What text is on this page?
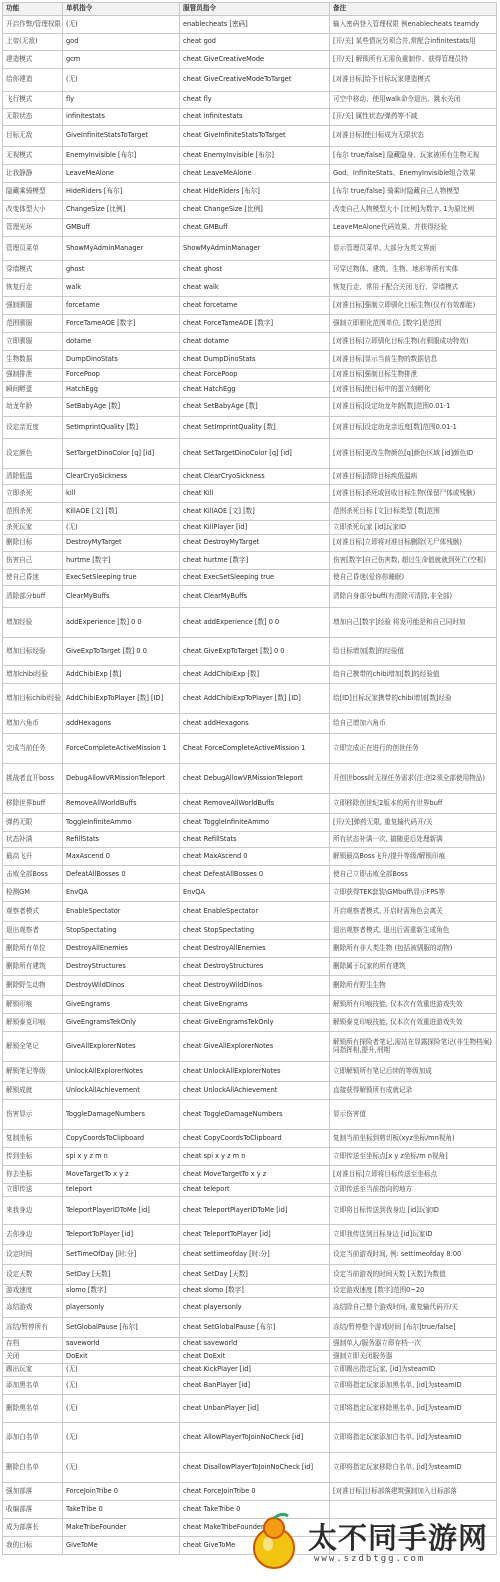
功能	单机指令	服管员指令	备注
开启作弊/管理权限	(无)	enablecheats [密码]	输入密码登入管理权限 例enablecheats teamdy
上帝(无敌)	god	cheat god	[开/关] 某些情况另须合并,常配合infinitestats用
建造模式	gcm	cheat GiveCreativeMode	[开/关] 解锁所有无需负重制作、获得管理员特
给你建造	(无)	cheat GiveCreativeModeToTarget	[对准目标]给予目标玩家建造模式
飞行模式	fly	cheat fly	可空中移动、使用walk命令退出、跳水关闭
无限状态	infinitestats	cheat infinitestats	[开/关] 属性状态/弹药等不减
目标无敌	GiveInfiniteStatsToTarget	cheat GiveInfiniteStatsToTarget	[对准目标]使目标成为无限状态
无视模式	EnemyInvisible [布尔]	cheat EnemyInvisible [布尔]	[布尔 true/false] 隐藏隐身、玩家被所有生物无视
让我静静	LeaveMeAlone	cheat LeaveMeAlone	God、InfiniteStats、EnemyInvisible组合效果
隐藏乘骑模型	HideRiders [布尔]	cheat HideRiders [布尔]	[布尔 true/false] 骑乘时隐藏自己人物模型
改变体型大小	ChangeSize [比例]	cheat ChangeSize [比例]	改变自己人物模型大小 [比例]为数字, 1为原比例
管理光环	GMBuff	cheat GMBuff	LeaveMeAlone代码效果、并获得经验
管理员菜单	ShowMyAdminManager	ShowMyAdminManager	显示管理员菜单, 大部分为英文界面
穿墙模式	ghost	cheat ghost	可穿过物体、建筑、生物、地形等所有实体
恢复行走	walk	cheat walk	恢复行走、常用于配合关闭飞行、穿墙模式
强制驯服	forcetame	cheat forcetame	[对准目标]强制立即驯化目标生物(仅有有效都能)
范围驯服	ForceTameAOE [数字]	cheat ForceTameAOE [数字]	强制立即驯化范围单位, [数字]是范围
立即驯服	dotame	cheat dotame	[对准目标]立即驯化目标生物(有驯服成功特效)
生物数据	DumpDinoStats	cheat DumpDinoStats	[对准目标]显示当前生物的数据信息
强制排泄	ForcePoop	cheat ForcePoop	[对准目标]强制目标生物排泄
瞬间孵蛋	HatchEgg	cheat HatchEgg	[对准目标]使目标中的蛋立刻孵化
幼龙年龄	SetBabyAge [数]	cheat SetBabyAge [数]	[对准目标]设定幼龙年龄[数]范围0.01-1
设定亲近度	SetImprintQuality [数]	cheat SetImprintQuality [数]	[对准目标]设定幼龙亲近度[数]范围0.01-1
设定颜色	SetTargetDinoColor [q] [id]	cheat SetTargetDinoColor [q] [id]	[对准目标]更改生物颜色[q]颜色区域 [id]颜色ID
清除低温	ClearCryoSickness	cheat ClearCryoSickness	[对准目标]清除目标疾低温病
立即杀死	kill	cheat Kill	[对准目标]杀死或回收目标生物(保留尸体或残骸)
范围杀死	KillAOE [文] [数]	cheat KillAOE [文] [数]	范围杀死目标 [文]目标类型 [数]范围
杀死玩家	(无)	cheat KillPlayer [id]	立即杀死玩家 [id]玩家ID
删除目标	DestroyMyTarget	cheat DestroyMyTarget	[对准目标]立即将对准目标删除(无尸体残骸)
伤害自己	hurtme [数字]	cheat hurtme [数字]	伤害[数字]自己伤害数, 超过生命值就就到死亡(空根)
使自己昏迷	ExecSetSleeping true	cheat ExecSetSleeping true	使自己昏迷(爱你你睡眠)
清除部分buff	ClearMyBuffs	cheat ClearMyBuffs	清除自身部分buff(有清除可清除,非全部)
增加经验	addExperience [数] 0 0	cheat addExperience [数] 0 0	增加自己[数字]经验 将发可能是和自己同时加
增加目标经验	GiveExpToTarget [数] 0 0	cheat GiveExpToTarget [数] 0 0	给目标增加[数]的经验值
增加chibi经验	AddChibiExp [数]	cheat AddChibiExp [数]	给自己携带的chibi增加[数]的经验值
增加目标chibi经验	AddChibiExpToPlayer [数] [ID]	cheat AddChibiExpToPlayer [数] [ID]	给[ID]目标玩家携带的chibi增加[数]经验
增加六角币	addHexagons	cheat addHexagons	给自己增加六角币
完成当前任务	ForceCompleteActiveMission 1	Cheat ForceCompleteActiveMission 1	立即完成正在进行的创世任务
挑战者直开boss	DebugAllowVRMissionTeleport	cheat DebugAllowVRMissionTeleport	开创世boss时无视任务需求(注:创2须全部使用物品)
移除世界buff	RemoveAllWorldBuffs	cheat RemoveAllWorldBuffs	立即移除创世纪2版本的所有世界buff
弹药无限	ToggleInfiniteAmmo	cheat ToggleInfiniteAmmo	[开/关]弹药无限, 重复输代码开/关
状态补满	RefillStats	cheat RefillStats	所有状态补满一次, 搞随更后处理新满
最高飞升	MaxAscend 0	cheat MaxAscend 0	解锁最高Boss飞升/提升等级/解锁印痕
击败全部Boss	DefeatAllBosses 0	cheat DefeatAllBosses 0	使自己立即击败全部Boss
检测GM	EnvQA	EnvQA	立即获得TEK套装\GMbuff\显示FPS等
观察者模式	EnableSpectator	cheat EnableSpectator	开启观察者模式, 开启时需角色会离关
退出观察者	StopSpectating	cheat StopSpectating	退出观察者模式, 退出后需重新生成角色
删除所有单位	DestroyAllEnemies	cheat DestroyAllEnemies	删除所有非人类生物 (包括被驯服的动物)
删除所有建筑	DestroyStructures	cheat DestroyStructures	删除属于玩家的所有建筑
删除野生动物	DestroyWildDinos	cheat DestroyWildDinos	删除所有野生生物
解锁印痕	GiveEngrams	cheat GiveEngrams	解锁所有印痕技能, 仅本次有效重进游戏失效
解锁泰克印痕	GiveEngramsTekOnly	cheat GiveEngramsTekOnly	解锁泰克印痕技能, 仅本次有效重进游戏失效
解锁全笔记	GiveAllExplorerNotes	cheat GiveAllExplorerNotes	解锁所有探险者笔记,需站在显露探险笔记(非生物档案)同指挥相,提升,刑期
解锁笔记等级	UnlockAllExplorerNotes	cheat UnlockAllExplorerNotes	立即解锁所有笔记后续的等级加成
解锁成就	UnlockAllAchievement	cheat UnlockAllAchievement	直接获得解锁所有成就记录
伤害显示	ToggleDamageNumbers	cheat ToggleDamageNumbers	显示伤害值
复制坐标	CopyCoordsToClipboard	cheat CopyCoordsToClipboard	复制当前坐标到剪切板(xyz坐标/mn视角)
传到坐标	spi x y z m n	cheat spi x y z m n	立即传送至坐标点[x y z坐标/m n视角]
你去坐标	MoveTargetTo x y z	cheat MoveTargetTo x y z	[对准目标]立即将目标传送至坐标点
立即传送	teleport	cheat teleport	立即传送至当前指向的地方
来我身边	TeleportPlayerIDToMe [id]	cheat TeleportPlayerIDToMe [id]	立即将目标传送到我身边 [id]玩家ID
去你身边	TeleportToPlayer [id]	cheat TeleportToPlayer [id]	立即我传送到目标身边 [id]玩家ID
设定时间	SetTimeOfDay [时:分]	cheat settimeofday [时:分]	设定当前游戏时间, 例: settimeofday 8:00
设定天数	SetDay [天数]	cheat SetDay [天数]	设定当前游戏的时间天数 [天数]为数值
游戏速度	slomo [数字]	cheat slomo [数字]	设定游戏速度 [数字]范围0~20
冻结游戏	playersonly	cheat playersonly	冻结除自己整个游戏时间, 重复输代码开/关
冻结/暂停所有	SetGlobalPause [布尔]	cheat SetGlobalPause [布尔]	冻结/暂停整个游戏时间 [布尔]true/false]
存档	saveworld	cheat saveworld	强制单人/服务器立即存档一次
关闭	DoExit	cheat DoExit	强制立即关闭服务器
踢出玩家	(无)	cheat KickPlayer [id]	立即踢出指定玩家, [id]为steamID
添加黑名单	(无)	cheat BanPlayer [id]	立即将指定玩家添加黑名单, [id]为steamID
删除黑名单	(无)	cheat UnbanPlayer [id]	立即将指定玩家移除黑名单, [id]为steamID
添加白名单	(无)	cheat AllowPlayerToJoinNoCheck [id]	立即将指定玩家添加白名单, [id]为steamID
删除白名单	(无)	cheat DisallowPlayerToJoinNoCheck [id]	立即将指定玩家移除白名单, [id]为steamID
强加部落	ForceJoinTribe 0	cheat ForceJoinTribe 0	[对准目标]目标部落建筑强制加入目标部落
收编部落	TakeTribe 0	cheat TakeTribe 0	
成为部落长	MakeTribeFounder	cheat MakeTribeFounder	
我的目标	GiveToMe	cheat GiveToMe		太不同手游网
www.szdbtgg.com
